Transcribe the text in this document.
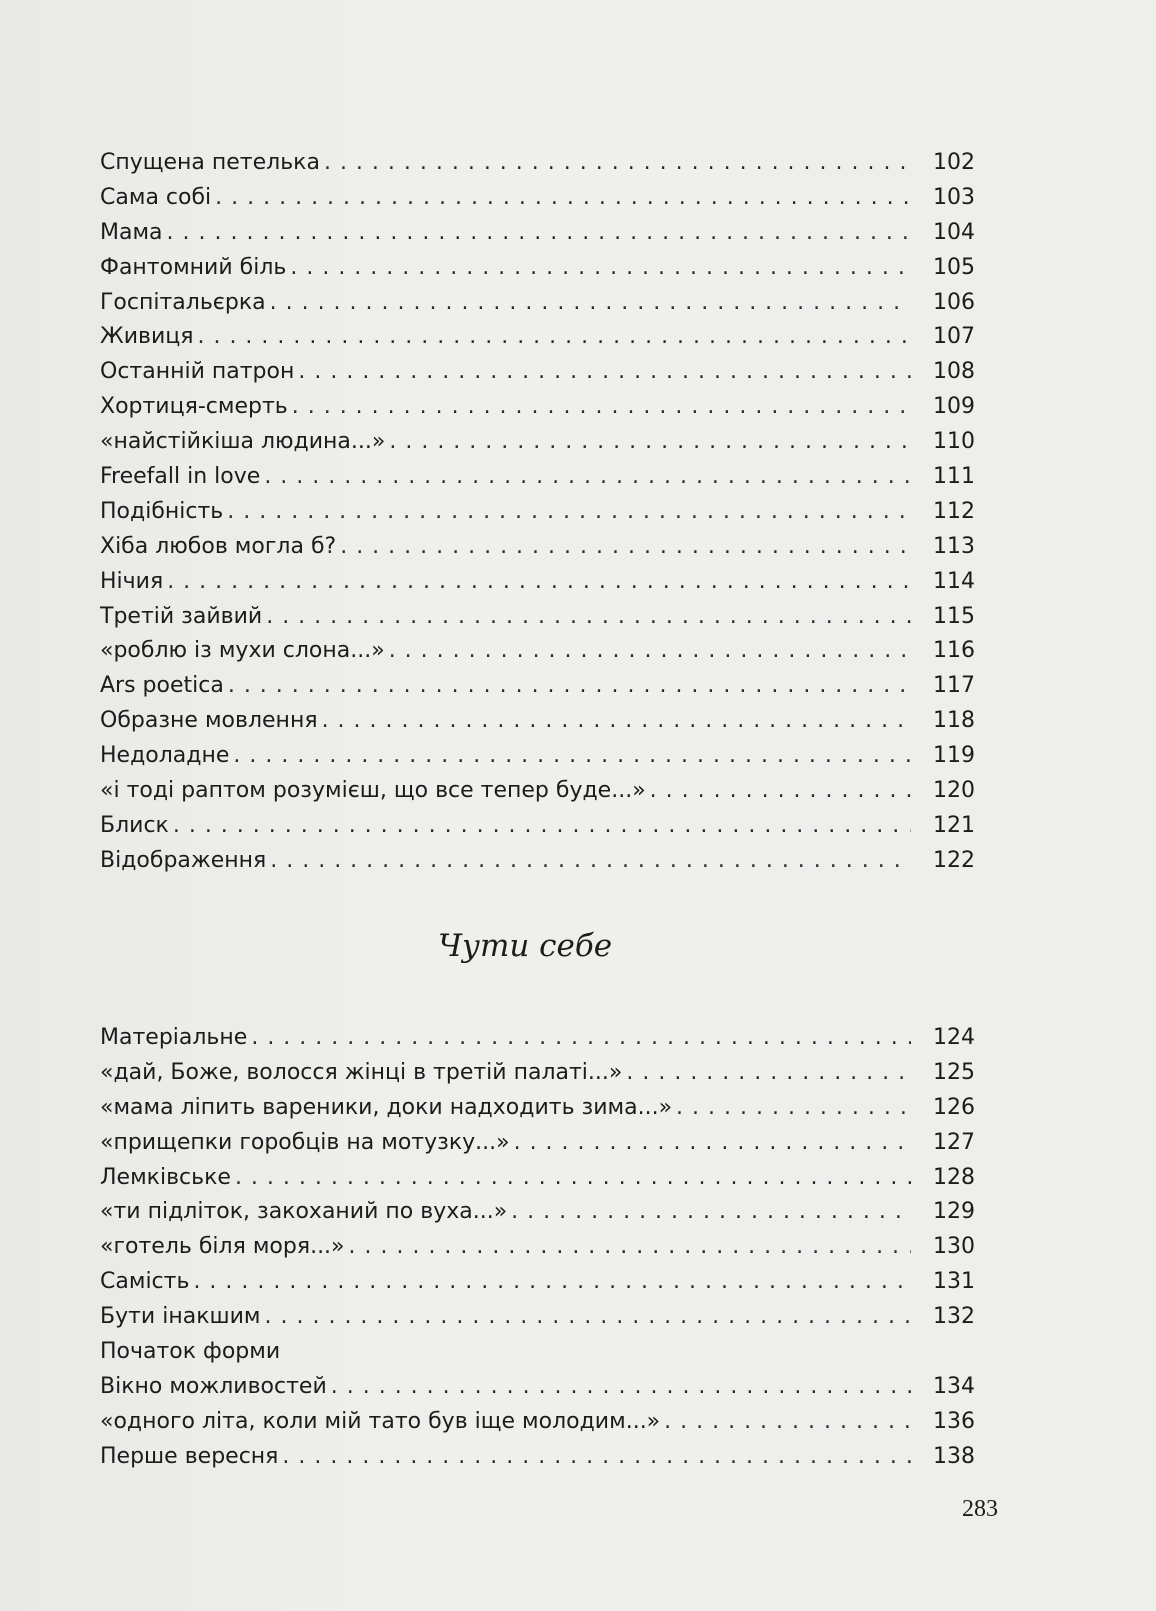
Спущена петелька . . .	102
Сама собі . . .	103
Мама . . .	104
Фантомний біль . . .	105
Госпітальєрка . . .	106
Живиця . . .	107
Останній патрон . . .	108
Хортиця-смерть . . .	109
«найстійкіша людина...» . . .	110
Freefall in love . . .	111
Подібність . . .	112
Хіба любов могла б? . . .	113
Нічия . . .	114
Третій зайвий . . .	115
«роблю із мухи слона...» . . .	116
Ars poetica . . .	117
Образне мовлення . . .	118
Недоладне . . .	119
«і тоді раптом розумієш, що все тепер буде...» . . .	120
Блиск . . .	121
Відображення . . .	122
Чути себе
Матеріальне . . .	124
«дай, Боже, волосся жінці в третій палаті...» . . .	125
«мама ліпить вареники, доки надходить зима...» . . .	126
«прищепки горобців на мотузку...» . . .	127
Лемківське . . .	128
«ти підліток, закоханий по вуха...» . . .	129
«готель біля моря...» . . .	130
Самість . . .	131
Бути інакшим . . .	132
Початок форми
Вікно можливостей . . .	134
«одного літа, коли мій тато був іще молодим...» . . .	136
Перше вересня . . .	138
283
